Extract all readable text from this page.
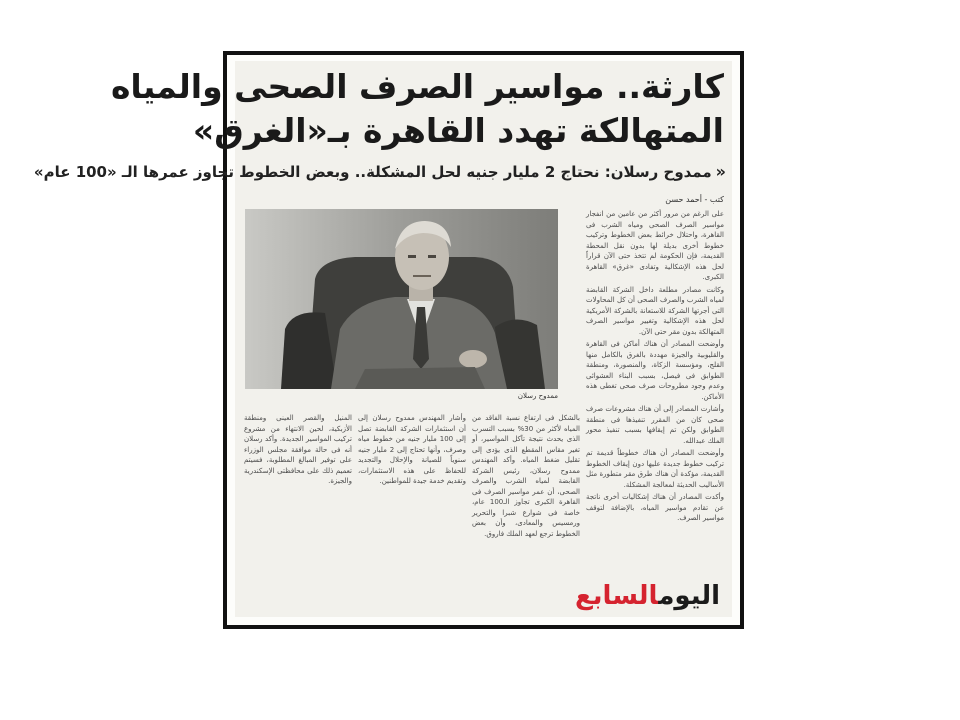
كارثة.. مواسير الصرف الصحى والمياه
المتهالكة تهدد القاهرة بـ«الغرق»
«ممدوح رسلان: نحتاج 2 مليار جنيه لحل المشكلة.. وبعض الخطوط تجاوز عمرها الـ «100 عام»
كتب - أحمد حسن

على الرغم من مرور أكثر من عامين من انفجار مواسير الصرف الصحى ومياه الشرب فى القاهرة، واحتلال خرائط بعض الخطوط وتركيب خطوط أخرى بديلة لها بدون نقل المحطة القديمة، فإن الحكومة لم تتخذ حتى الآن قراراً لحل هذه الإشكالية وتفادى «غرق» القاهرة الكبرى.

وكانت مصادر مطلعة داخل الشركة القابضة لمياه الشرب والصرف الصحى أن كل المحاولات التى أجرتها الشركة للاستعانة بالشركة الأمريكية لحل هذه الإشكالية وتغيير مواسير الصرف المتهالكة بدون مقر حتى الآن.

وأوضحت المصادر أن هناك أماكن فى القاهرة والقليوبية والجيزة مهددة بالغرق بالكامل منها القلج، ومؤسسة الزكاة، والمنصورة، ومنطقة الطوابق فى فيصل، بسبب البناء العشوائى وعدم وجود مطروحات صرف صحى تغطى هذه الأماكن.

وأشارت المصادر إلى أن هناك مشروعات صرف صحى كان من المقرر تنفيذها فى منطقة الطوابق ولكن تم إيقافها بسبب تنفيذ محور الملك عبدالله.

وأوضحت المصادر أن هناك خطوطاً قديمة تم تركيب خطوط جديدة عليها دون إيقاف الخطوط القديمة، مؤكدة أن هناك طرق مقر متطورة مثل الأساليب الحديثة لمعالجة المشكلة.

وأكدت المصادر أن هناك إشكاليات أخرى ناتجة عن تقادم مواسير المياه، بالإضافة لتوقف مواسير الصرف.

ممدوح رسلان
بالشكل فى ارتفاع نسبة الفاقد من المياه لأكثر من 30% بسبب التسرب الذى يحدث نتيجة تآكل المواسير، أو تغير مقاس المقطع الذى يؤدى إلى تقليل ضغط المياه. وأكد المهندس ممدوح رسلان، رئيس الشركة القابضة لمياه الشرب والصرف الصحى، أن عمر مواسير الصرف فى القاهرة الكبرى تجاوز الـ100 عام، خاصة فى شوارع شبرا والتحرير ورمسيس والمعادى، وأن بعض الخطوط ترجع لعهد الملك فاروق.
وأشار المهندس ممدوح رسلان إلى أن استثمارات الشركة القابضة تصل إلى 100 مليار جنيه من خطوط مياه وصرف، وأنها تحتاج إلى 2 مليار جنيه سنوياً للصيانة والإحلال والتجديد للحفاظ على هذه الاستثمارات، وتقديم خدمة جيدة للمواطنين.
المنيل والقصر العينى ومنطقة الأزبكية، لحين الانتهاء من مشروع تركيب المواسير الجديدة. وأكد رسلان أنه فى حالة موافقة مجلس الوزراء على توفير المبالغ المطلوبة، فسيتم تعميم ذلك على محافظتى الإسكندرية والجيزة.
اليومالسابع
